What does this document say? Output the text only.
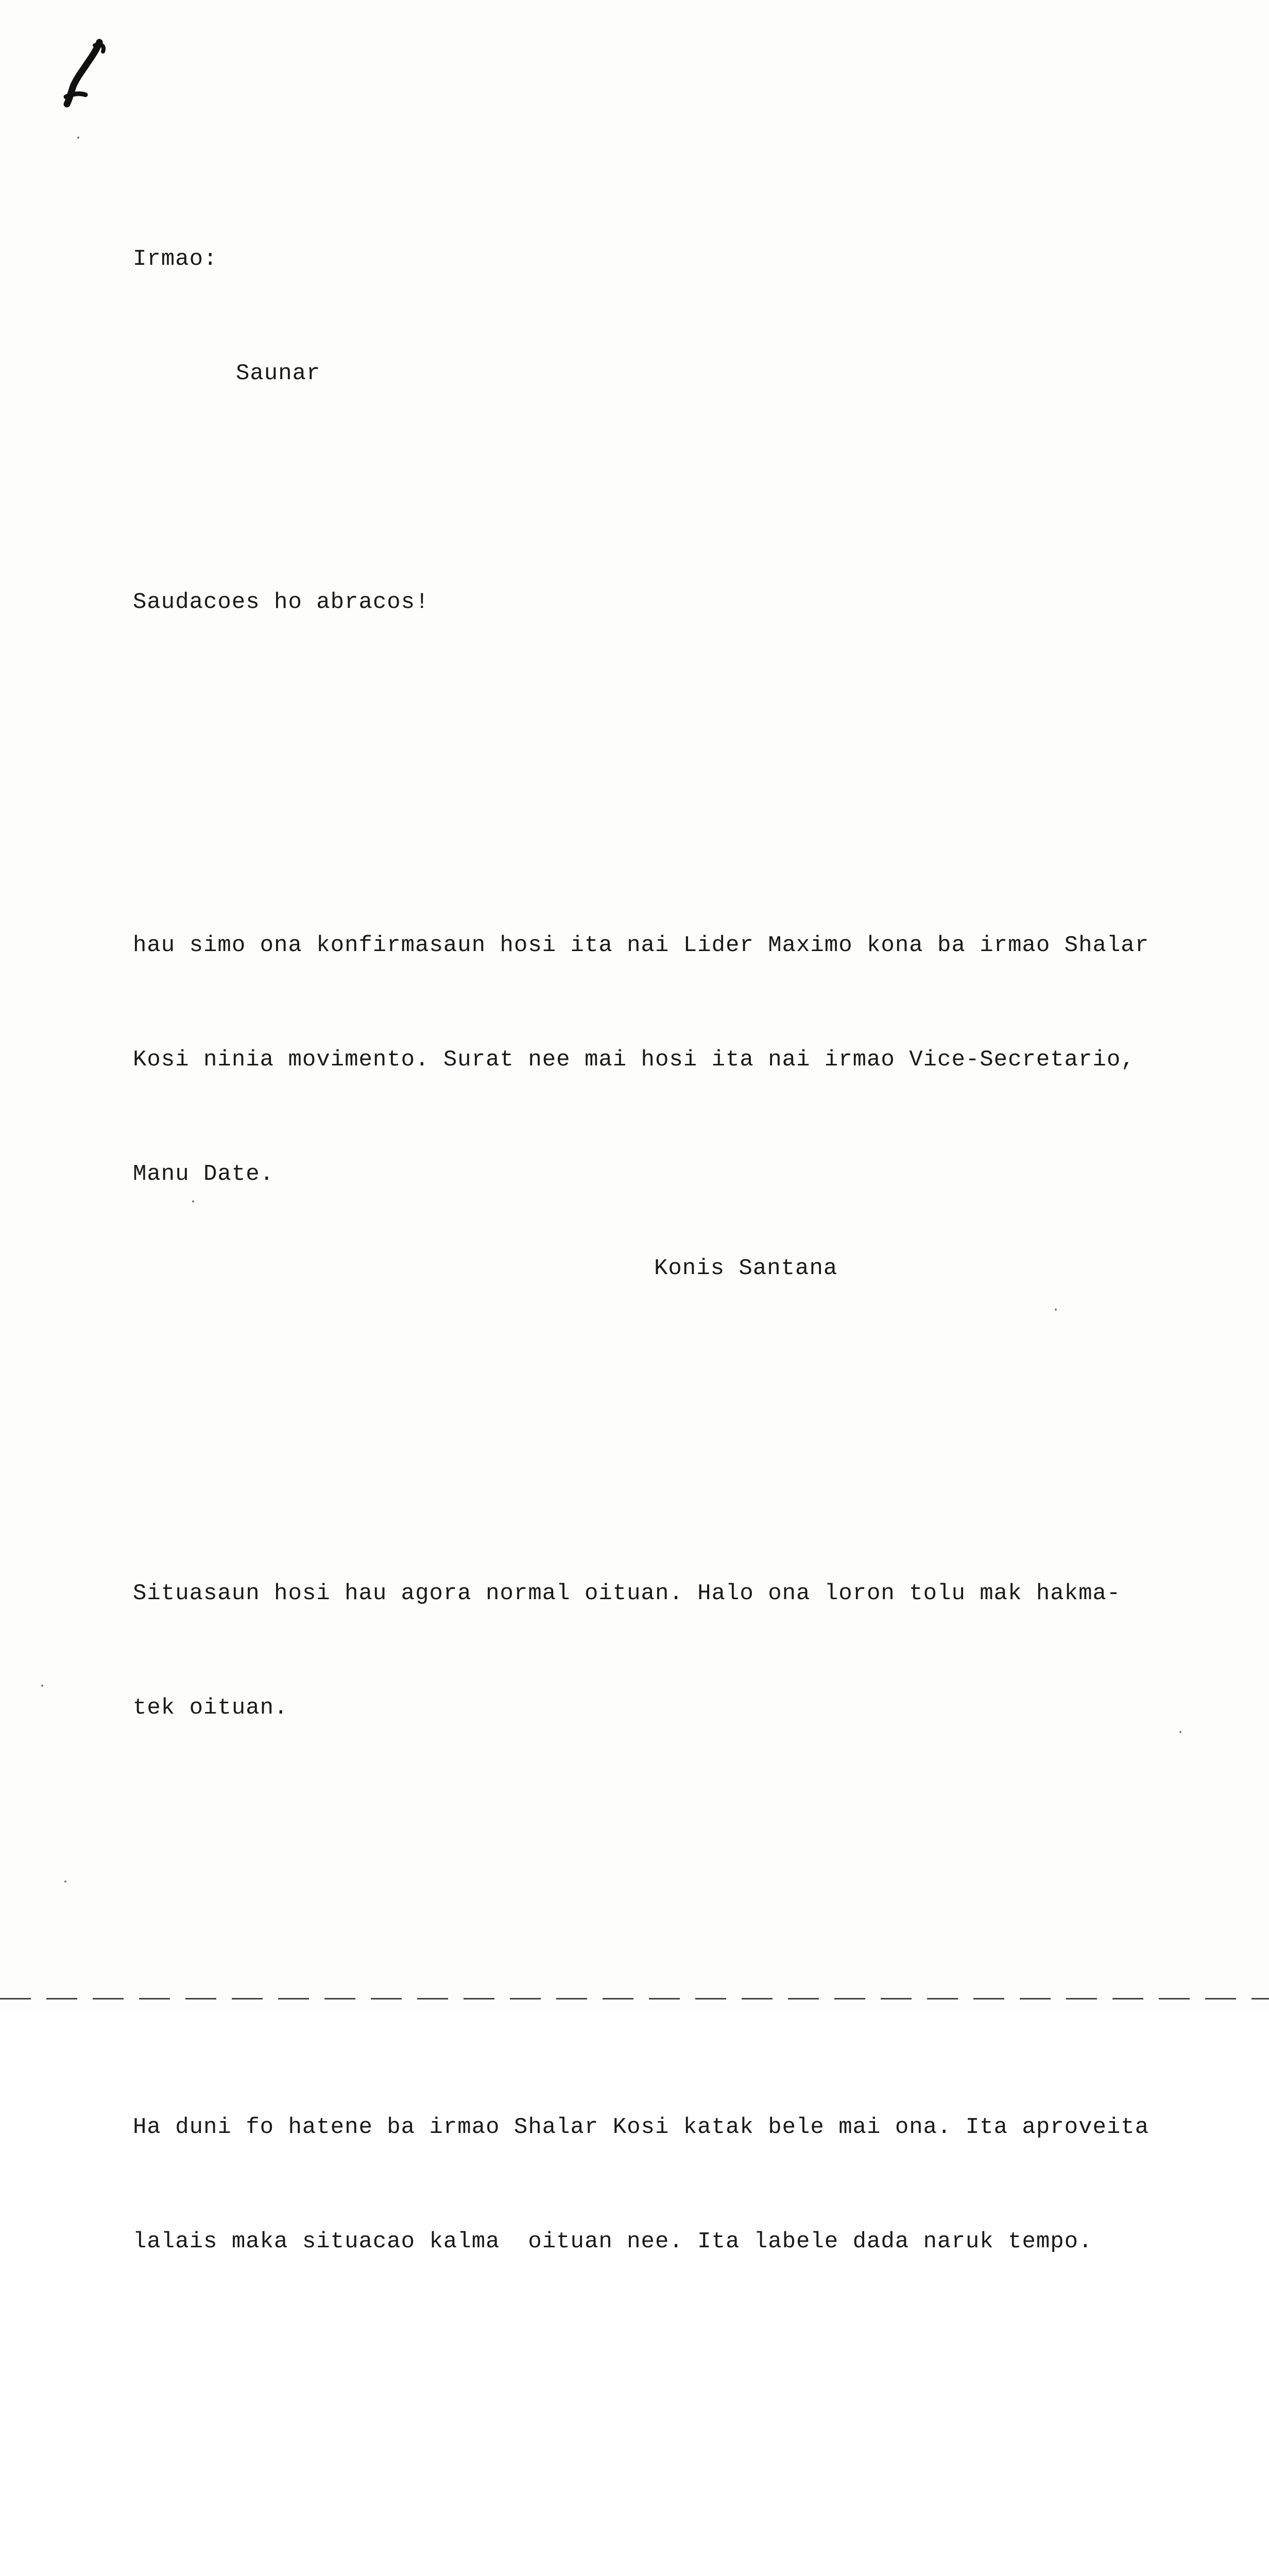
Irmao:

Saunar

Saudacoes ho abracos!

hau simo ona konfirmasaun hosi ita nai Lider Maximo kona ba irmao Shalar

Kosi ninia movimento. Surat nee mai hosi ita nai irmao Vice-Secretario,

Manu Date.

Situasaun hosi hau agora normal oituan. Halo ona loron tolu mak hakma-

tek oituan.

Ha duni fo hatene ba irmao Shalar Kosi katak bele mai ona. Ita aproveita

lalais maka situacao kalma  oituan nee. Ita labele dada naruk tempo.

Konis Santana
